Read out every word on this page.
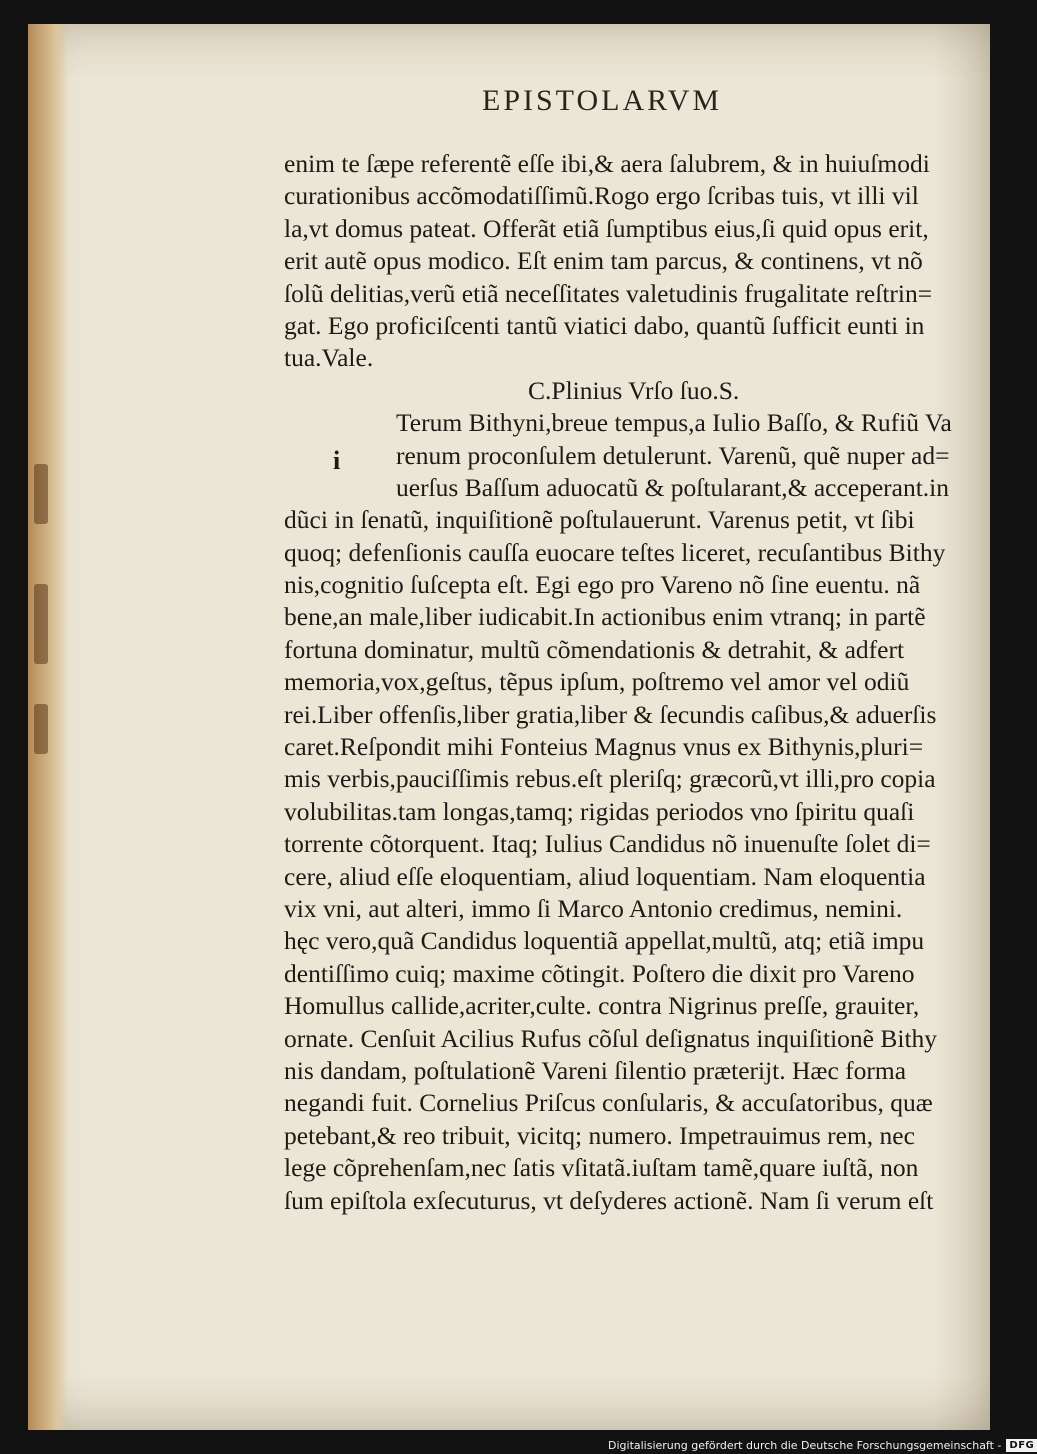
EPISTOLARVM
i
enim te ſæpe referentẽ eſſe ibi,& aera ſalubrem, & in huiuſmodi
curationibus accõmodatiſſimũ.Rogo ergo ſcribas tuis, vt illi vil
la,vt domus pateat. Offerãt etiã ſumptibus eius,ſi quid opus erit,
erit autẽ opus modico. Eſt enim tam parcus, & continens, vt nõ
ſolũ delitias,verũ etiã neceſſitates valetudinis frugalitate reſtrin=
gat. Ego proficiſcenti tantũ viatici dabo, quantũ ſufficit eunti in
tua.Vale.
C.Plinius Vrſo ſuo.S.
Terum Bithyni,breue tempus,a Iulio Baſſo, & Rufiũ Va
renum proconſulem detulerunt. Varenũ, quẽ nuper ad=
uerſus Baſſum aduocatũ & poſtularant,& acceperant.in
dũci in ſenatũ, inquiſitionẽ poſtulauerunt. Varenus petit, vt ſibi
quoq; defenſionis cauſſa euocare teſtes liceret, recuſantibus Bithy
nis,cognitio ſuſcepta eſt. Egi ego pro Vareno nõ ſine euentu. nã
bene,an male,liber iudicabit.In actionibus enim vtranq; in partẽ
fortuna dominatur, multũ cõmendationis & detrahit, & adfert
memoria,vox,geſtus, tẽpus ipſum, poſtremo vel amor vel odiũ
rei.Liber offenſis,liber gratia,liber & ſecundis caſibus,& aduerſis
caret.Reſpondit mihi Fonteius Magnus vnus ex Bithynis,pluri=
mis verbis,pauciſſimis rebus.eſt pleriſq; græcorũ,vt illi,pro copia
volubilitas.tam longas,tamq; rigidas periodos vno ſpiritu quaſi
torrente cõtorquent. Itaq; Iulius Candidus nõ inuenuſte ſolet di=
cere, aliud eſſe eloquentiam, aliud loquentiam. Nam eloquentia
vix vni, aut alteri, immo ſi Marco Antonio credimus, nemini.
hęc vero,quã Candidus loquentiã appellat,multũ, atq; etiã impu
dentiſſimo cuiq; maxime cõtingit. Poſtero die dixit pro Vareno
Homullus callide,acriter,culte. contra Nigrinus preſſe, grauiter,
ornate. Cenſuit Acilius Rufus cõſul deſignatus inquiſitionẽ Bithy
nis dandam, poſtulationẽ Vareni ſilentio præterijt. Hæc forma
negandi fuit. Cornelius Priſcus conſularis, & accuſatoribus, quæ
petebant,& reo tribuit, vicitq; numero. Impetrauimus rem, nec
lege cõprehenſam,nec ſatis vſitatã.iuſtam tamẽ,quare iuſtã, non
ſum epiſtola exſecuturus, vt deſyderes actionẽ. Nam ſi verum eſt
Digitalisierung gefördert durch die Deutsche Forschungsgemeinschaft - DFG
